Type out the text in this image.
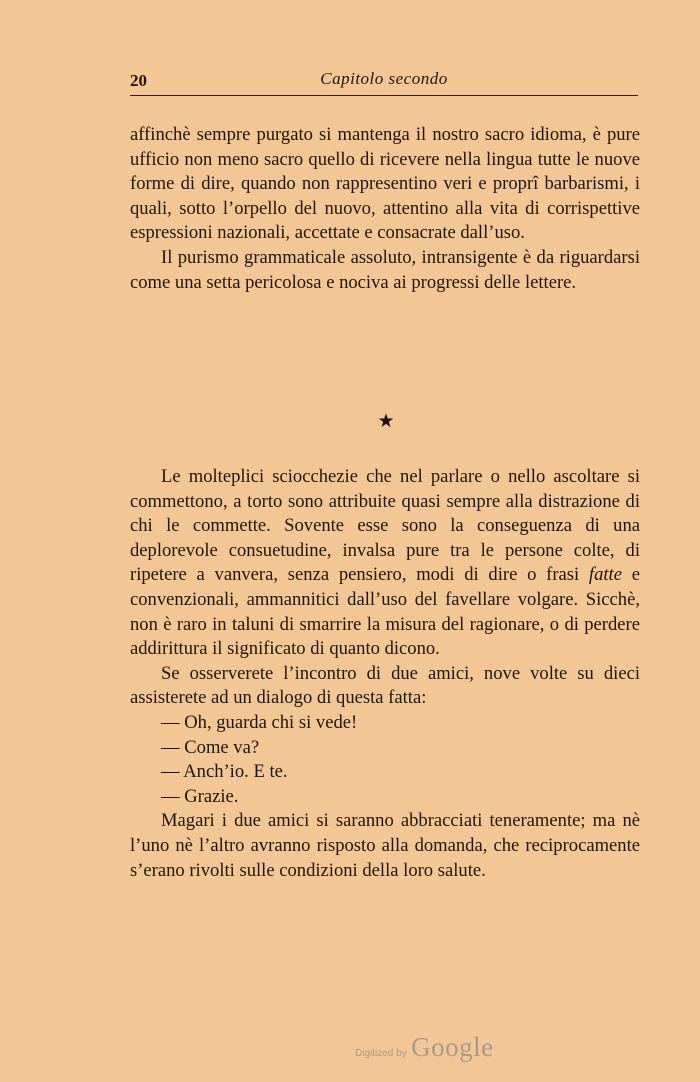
20	Capitolo secondo

affinchè sempre purgato si mantenga il nostro sacro idioma, è pure ufficio non meno sacro quello di ricevere nella lingua tutte le nuove forme di dire, quando non rappresentino veri e proprî barbarismi, i quali, sotto l’orpello del nuovo, attentino alla vita di corrispettive espressioni nazionali, accettate e consacrate dall’uso.

Il purismo grammaticale assoluto, intransigente è da riguardarsi come una setta pericolosa e nociva ai progressi delle lettere.

★

Le molteplici sciocchezie che nel parlare o nello ascoltare si commettono, a torto sono attribuite quasi sempre alla distrazione di chi le commette. Sovente esse sono la conseguenza di una deplorevole consuetudine, invalsa pure tra le persone colte, di ripetere a vanvera, senza pensiero, modi di dire o frasi fatte e convenzionali, ammannitici dall’uso del favellare volgare. Sicchè, non è raro in taluni di smarrire la misura del ragionare, o di perdere addirittura il significato di quanto dicono.

Se osserverete l’incontro di due amici, nove volte su dieci assisterete ad un dialogo di questa fatta:

— Oh, guarda chi si vede!

— Come va?

— Anch’io. E te.

— Grazie.

Magari i due amici si saranno abbracciati teneramente; ma nè l’uno nè l’altro avranno risposto alla domanda, che reciprocamente s’erano rivolti sulle condizioni della loro salute.

Digitized by Google
